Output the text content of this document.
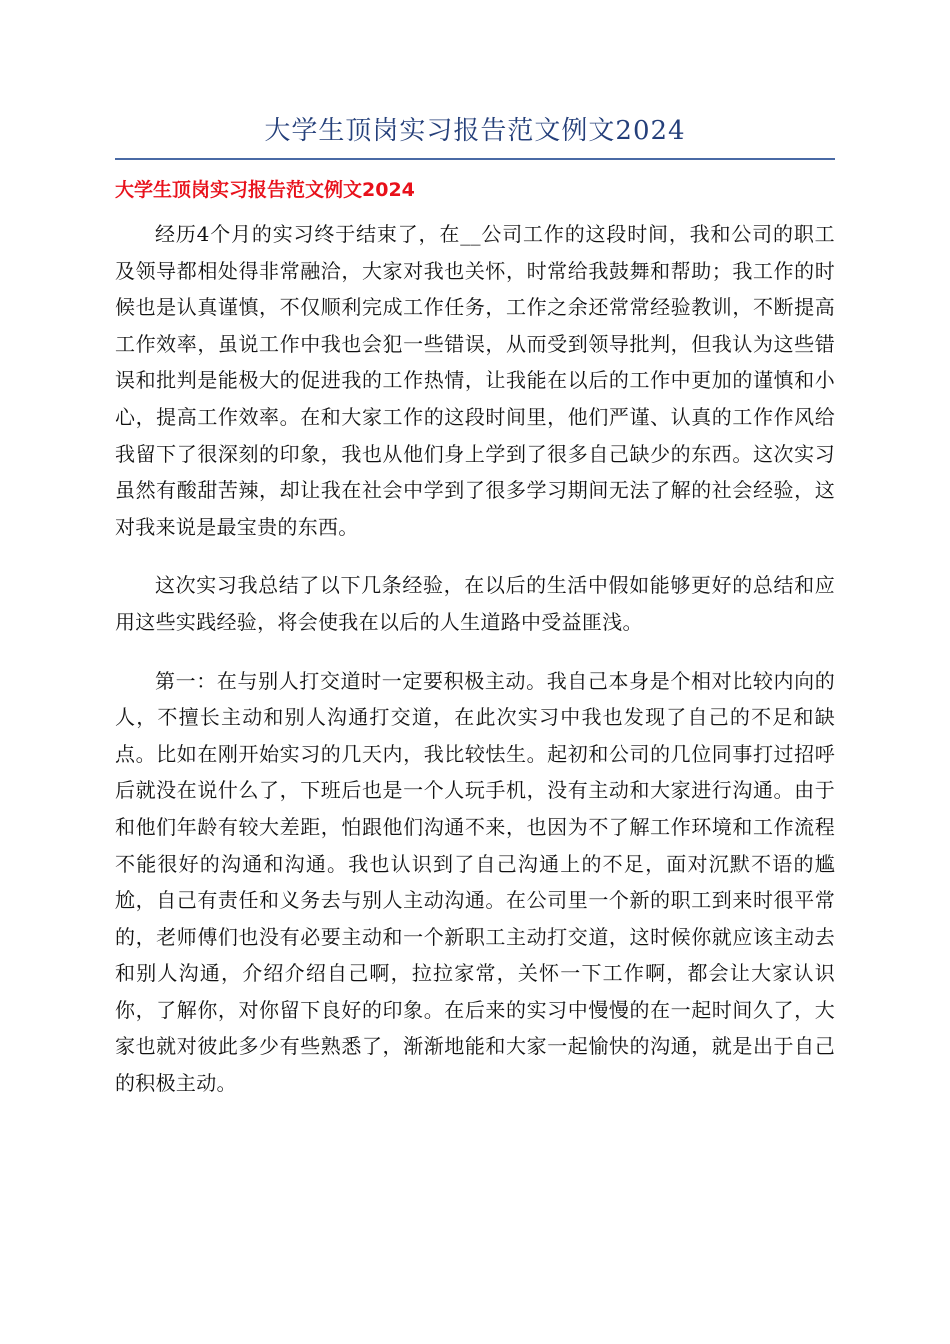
大学生顶岗实习报告范文例文2024
大学生顶岗实习报告范文例文2024

经历4个月的实习终于结束了，在__公司工作的这段时间，我和公司的职工及领导都相处得非常融洽，大家对我也关怀，时常给我鼓舞和帮助；我工作的时候也是认真谨慎，不仅顺利完成工作任务，工作之余还常常经验教训，不断提高工作效率，虽说工作中我也会犯一些错误，从而受到领导批判，但我认为这些错误和批判是能极大的促进我的工作热情，让我能在以后的工作中更加的谨慎和小心，提高工作效率。在和大家工作的这段时间里，他们严谨、认真的工作作风给我留下了很深刻的印象，我也从他们身上学到了很多自己缺少的东西。这次实习虽然有酸甜苦辣，却让我在社会中学到了很多学习期间无法了解的社会经验，这对我来说是最宝贵的东西。

这次实习我总结了以下几条经验，在以后的生活中假如能够更好的总结和应用这些实践经验，将会使我在以后的人生道路中受益匪浅。

第一：在与别人打交道时一定要积极主动。我自己本身是个相对比较内向的人，不擅长主动和别人沟通打交道，在此次实习中我也发现了自己的不足和缺点。比如在刚开始实习的几天内，我比较怯生。起初和公司的几位同事打过招呼后就没在说什么了，下班后也是一个人玩手机，没有主动和大家进行沟通。由于和他们年龄有较大差距，怕跟他们沟通不来，也因为不了解工作环境和工作流程不能很好的沟通和沟通。我也认识到了自己沟通上的不足，面对沉默不语的尴尬，自己有责任和义务去与别人主动沟通。在公司里一个新的职工到来时很平常的，老师傅们也没有必要主动和一个新职工主动打交道，这时候你就应该主动去和别人沟通，介绍介绍自己啊，拉拉家常，关怀一下工作啊，都会让大家认识你，了解你，对你留下良好的印象。在后来的实习中慢慢的在一起时间久了，大家也就对彼此多少有些熟悉了，渐渐地能和大家一起愉快的沟通，就是出于自己的积极主动。
